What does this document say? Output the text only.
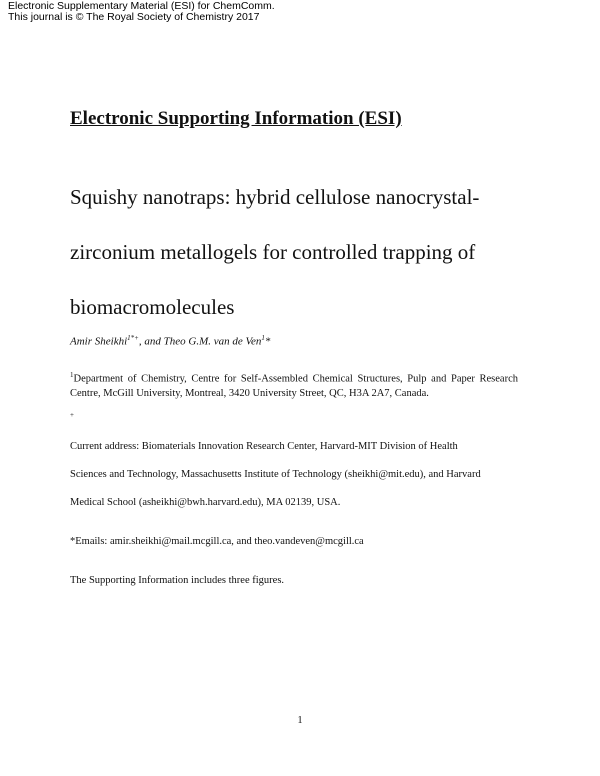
Electronic Supplementary Material (ESI) for ChemComm.
This journal is © The Royal Society of Chemistry 2017
Electronic Supporting Information (ESI)
Squishy nanotraps: hybrid cellulose nanocrystal-
zirconium metallogels for controlled trapping of
biomacromolecules
Amir Sheikhi$^{1*+}$, and Theo G.M. van de Ven$^1$*

$^1$Department of Chemistry, Centre for Self-Assembled Chemical Structures, Pulp and Paper Research Centre, McGill University, Montreal, 3420 University Street, QC, H3A 2A7, Canada.

+
Current address: Biomaterials Innovation Research Center, Harvard-MIT Division of Health
Sciences and Technology, Massachusetts Institute of Technology (sheikhi@mit.edu), and Harvard
Medical School (asheikhi@bwh.harvard.edu), MA 02139, USA.

*Emails: amir.sheikhi@mail.mcgill.ca, and theo.vandeven@mcgill.ca
The Supporting Information includes three figures.
1
